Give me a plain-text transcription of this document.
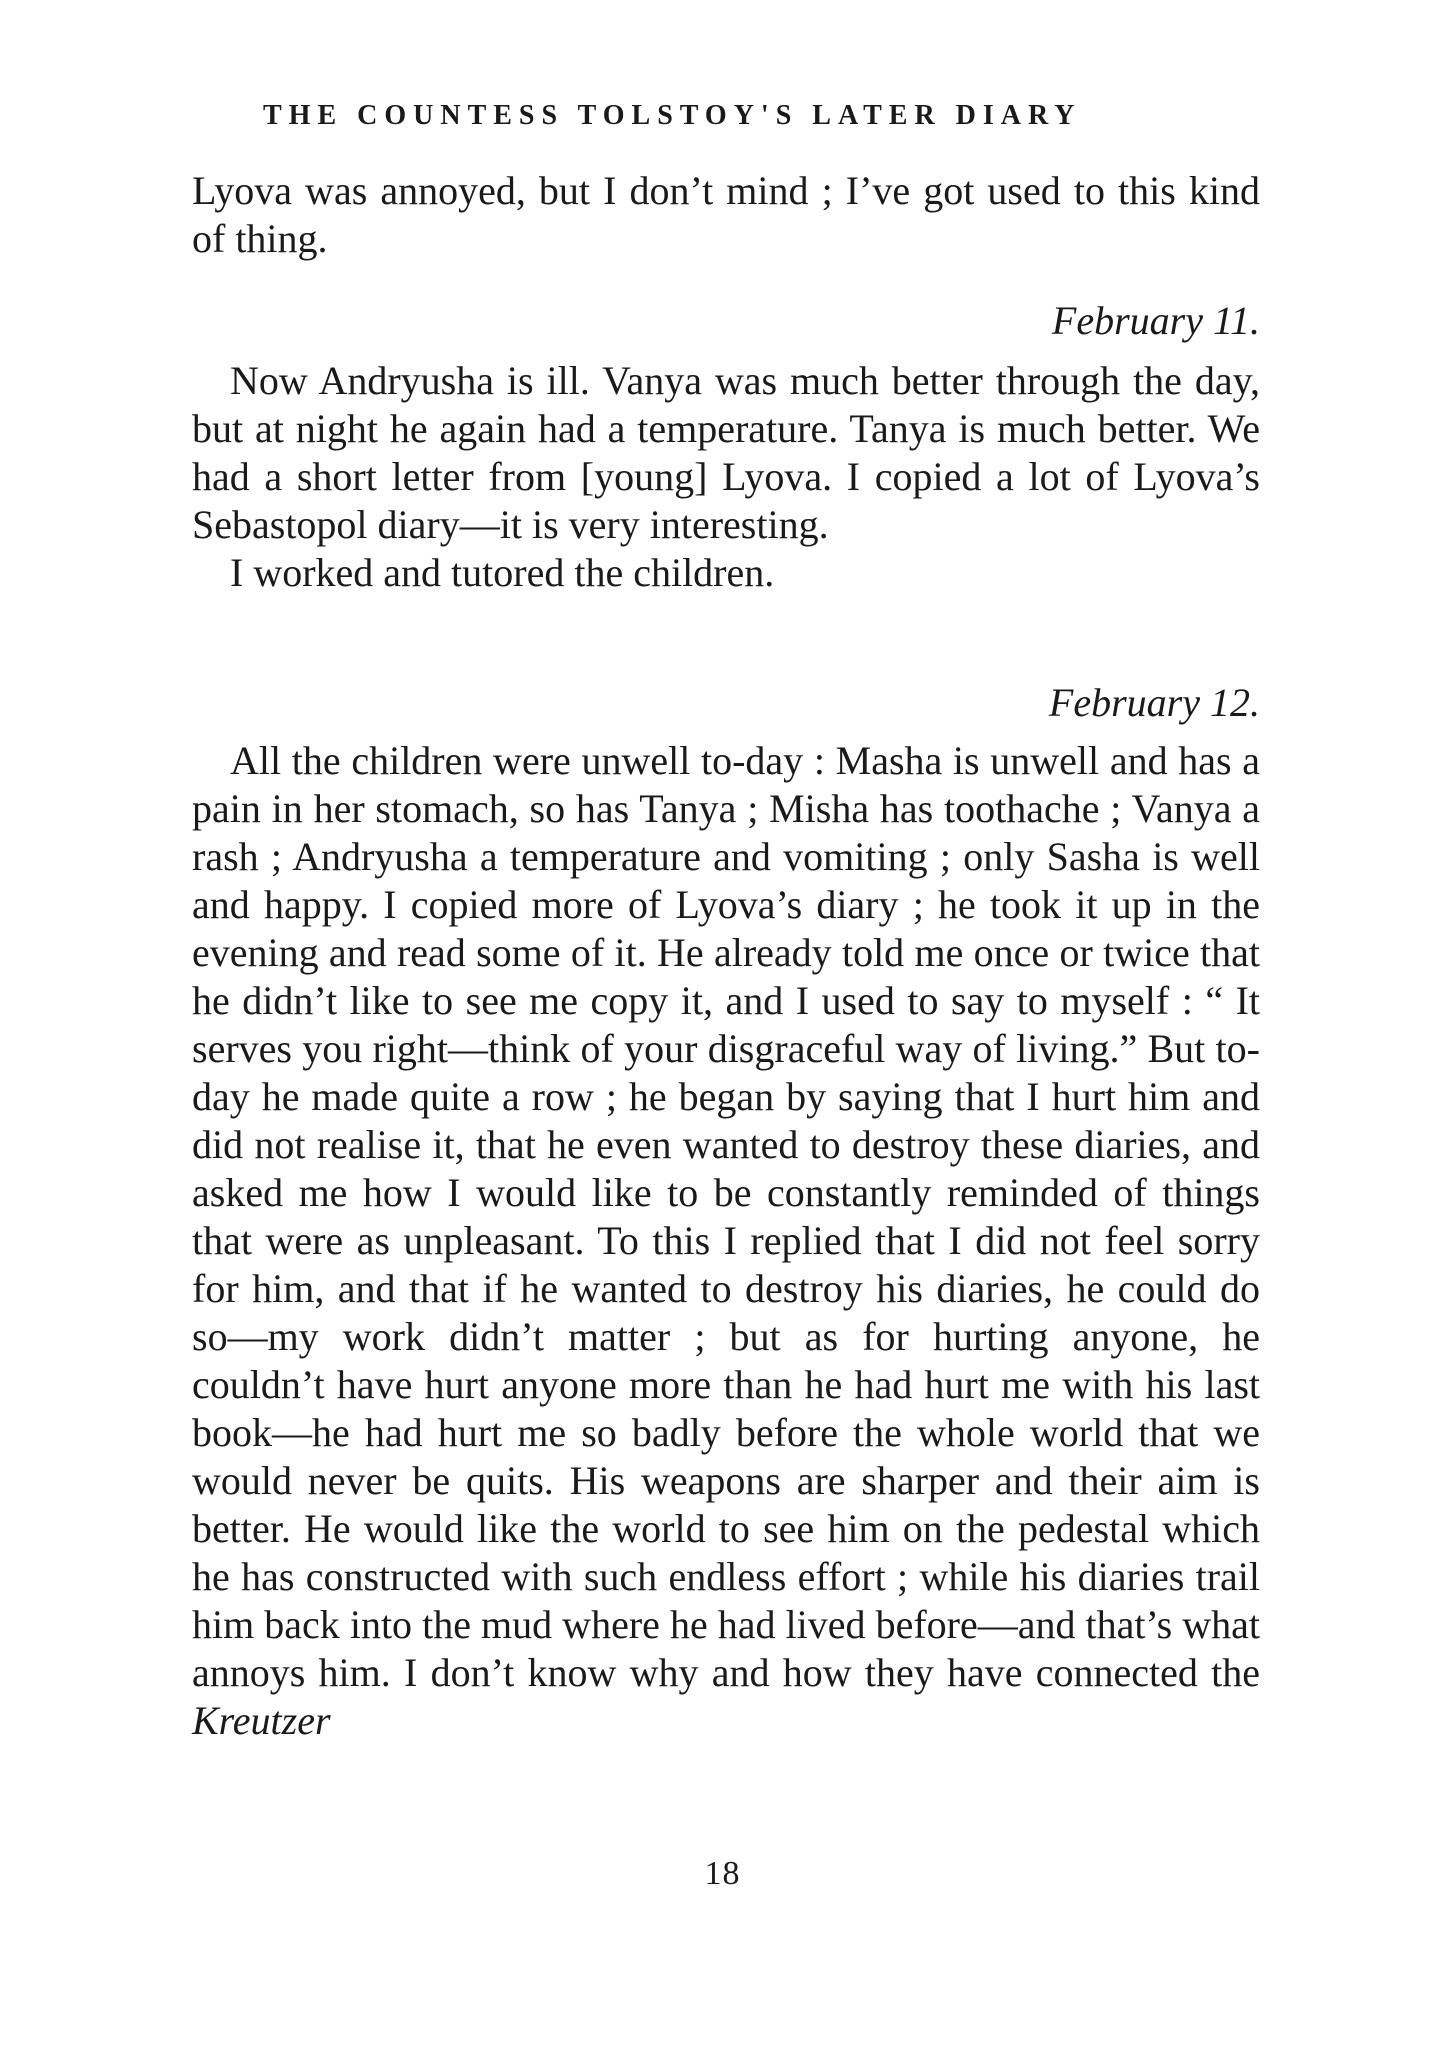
THE COUNTESS TOLSTOY'S LATER DIARY

Lyova was annoyed, but I don’t mind ; I’ve got used to this kind of thing.

February 11.

Now Andryusha is ill. Vanya was much better through the day, but at night he again had a temperature. Tanya is much better. We had a short letter from [young] Lyova. I copied a lot of Lyova’s Sebastopol diary—it is very interesting.

I worked and tutored the children.

February 12.

All the children were unwell to-day : Masha is unwell and has a pain in her stomach, so has Tanya ; Misha has toothache ; Vanya a rash ; Andryusha a temperature and vomiting ; only Sasha is well and happy. I copied more of Lyova’s diary ; he took it up in the evening and read some of it. He already told me once or twice that he didn’t like to see me copy it, and I used to say to myself : “ It serves you right—think of your disgraceful way of living.” But to-day he made quite a row ; he began by saying that I hurt him and did not realise it, that he even wanted to destroy these diaries, and asked me how I would like to be constantly reminded of things that were as unpleasant. To this I replied that I did not feel sorry for him, and that if he wanted to destroy his diaries, he could do so—my work didn’t matter ; but as for hurting anyone, he couldn’t have hurt anyone more than he had hurt me with his last book—he had hurt me so badly before the whole world that we would never be quits. His weapons are sharper and their aim is better. He would like the world to see him on the pedestal which he has constructed with such endless effort ; while his diaries trail him back into the mud where he had lived before—and that’s what annoys him. I don’t know why and how they have connected the Kreutzer

18
